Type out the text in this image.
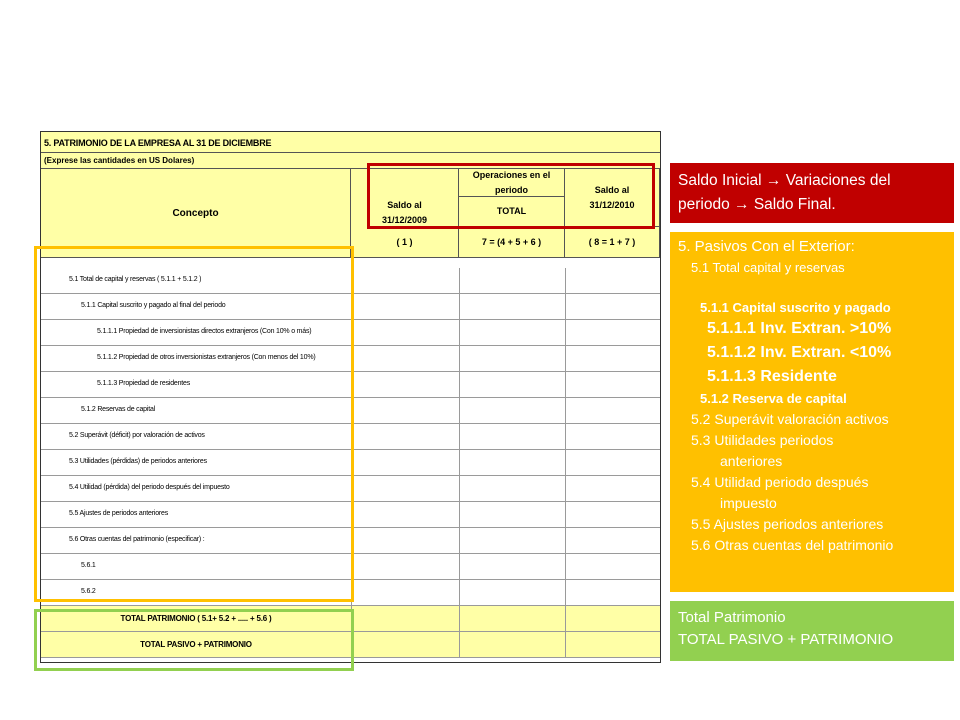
5. PATRIMONIO DE LA EMPRESA AL 31 DE DICIEMBRE
(Exprese las cantidades en US Dolares)
Concepto
Saldo al
31/12/2009
Operaciones en el periodo
TOTAL
Saldo al
31/12/2010
( 1 )	7 = (4 + 5 + 6 )	( 8 = 1 + 7 )
5.1 Total de capital y reservas ( 5.1.1 + 5.1.2 )
5.1.1 Capital suscrito y pagado al final del periodo
5.1.1.1 Propiedad de inversionistas directos extranjeros (Con 10% o más)
5.1.1.2 Propiedad de otros inversionistas extranjeros (Con menos del 10%)
5.1.1.3 Propiedad de residentes
5.1.2 Reservas de capital
5.2 Superávit (déficit) por valoración de activos
5.3 Utilidades (pérdidas) de periodos anteriores
5.4 Utilidad (pérdida) del periodo después del impuesto
5.5 Ajustes de periodos anteriores
5.6 Otras cuentas del patrimonio (especificar) :
5.6.1
5.6.2
TOTAL PATRIMONIO ( 5.1+ 5.2 + ..... + 5.6 )
TOTAL PASIVO + PATRIMONIO
Saldo Inicial → Variaciones del periodo → Saldo Final.
5. Pasivos Con el Exterior:
5.1 Total capital y reservas
5.1.1 Capital suscrito y pagado
5.1.1.1 Inv. Extran. >10%
5.1.1.2 Inv. Extran. <10%
5.1.1.3 Residente
5.1.2 Reserva de capital
5.2 Superávit valoración activos
5.3 Utilidades periodos
anteriores
5.4 Utilidad periodo después
impuesto
5.5 Ajustes periodos anteriores
5.6 Otras cuentas del patrimonio
Total Patrimonio
TOTAL PASIVO + PATRIMONIO
